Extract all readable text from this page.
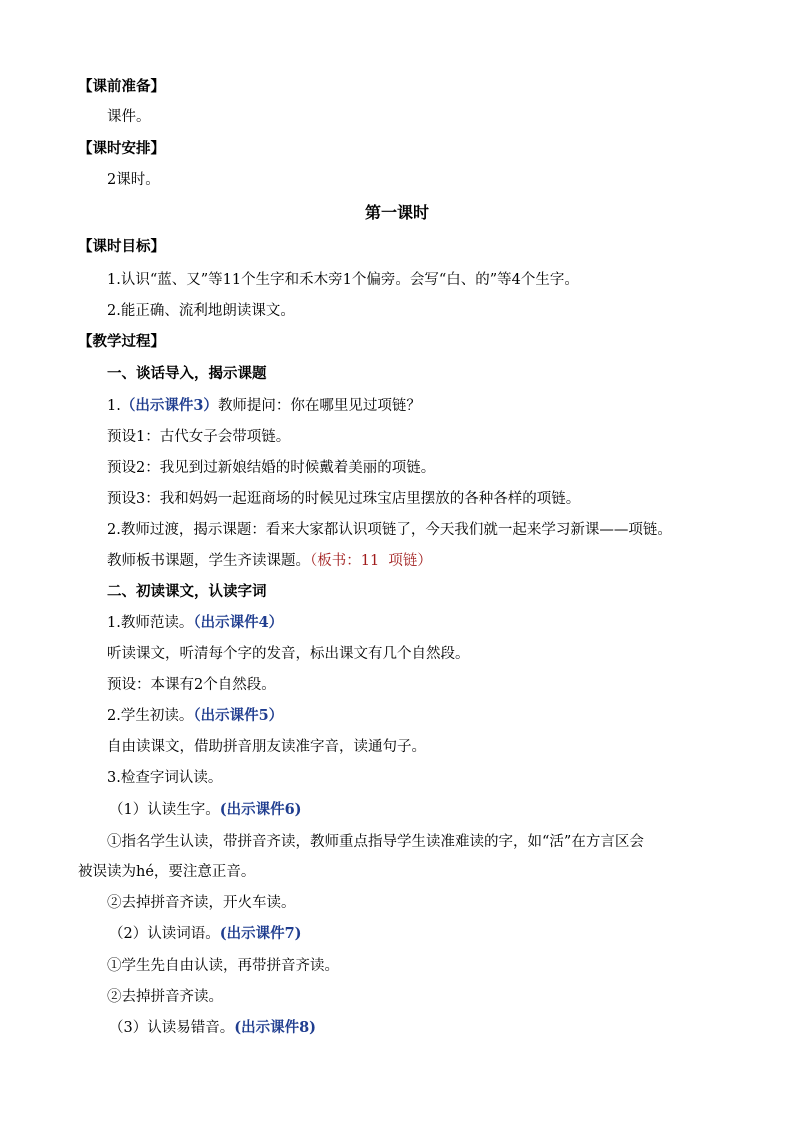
【课前准备】
课件。
【课时安排】
2课时。
第一课时
【课时目标】
1.认识“蓝、又”等11个生字和禾木旁1个偏旁。会写“白、的”等4个生字。
2.能正确、流利地朗读课文。
【教学过程】
一、谈话导入，揭示课题
1.（出示课件3）教师提问：你在哪里见过项链？
预设1：古代女子会带项链。
预设2：我见到过新娘结婚的时候戴着美丽的项链。
预设3：我和妈妈一起逛商场的时候见过珠宝店里摆放的各种各样的项链。
2.教师过渡，揭示课题：看来大家都认识项链了，今天我们就一起来学习新课——项链。
教师板书课题，学生齐读课题。（板书：11  项链）
二、初读课文，认读字词
1.教师范读。（出示课件4）
听读课文，听清每个字的发音，标出课文有几个自然段。
预设：本课有2个自然段。
2.学生初读。（出示课件5）
自由读课文，借助拼音朋友读准字音，读通句子。
3.检查字词认读。
（1）认读生字。(出示课件6)
①指名学生认读，带拼音齐读，教师重点指导学生读准难读的字，如“活”在方言区会
被误读为hé，要注意正音。
②去掉拼音齐读，开火车读。
（2）认读词语。(出示课件7)
①学生先自由认读，再带拼音齐读。
②去掉拼音齐读。
（3）认读易错音。(出示课件8)
